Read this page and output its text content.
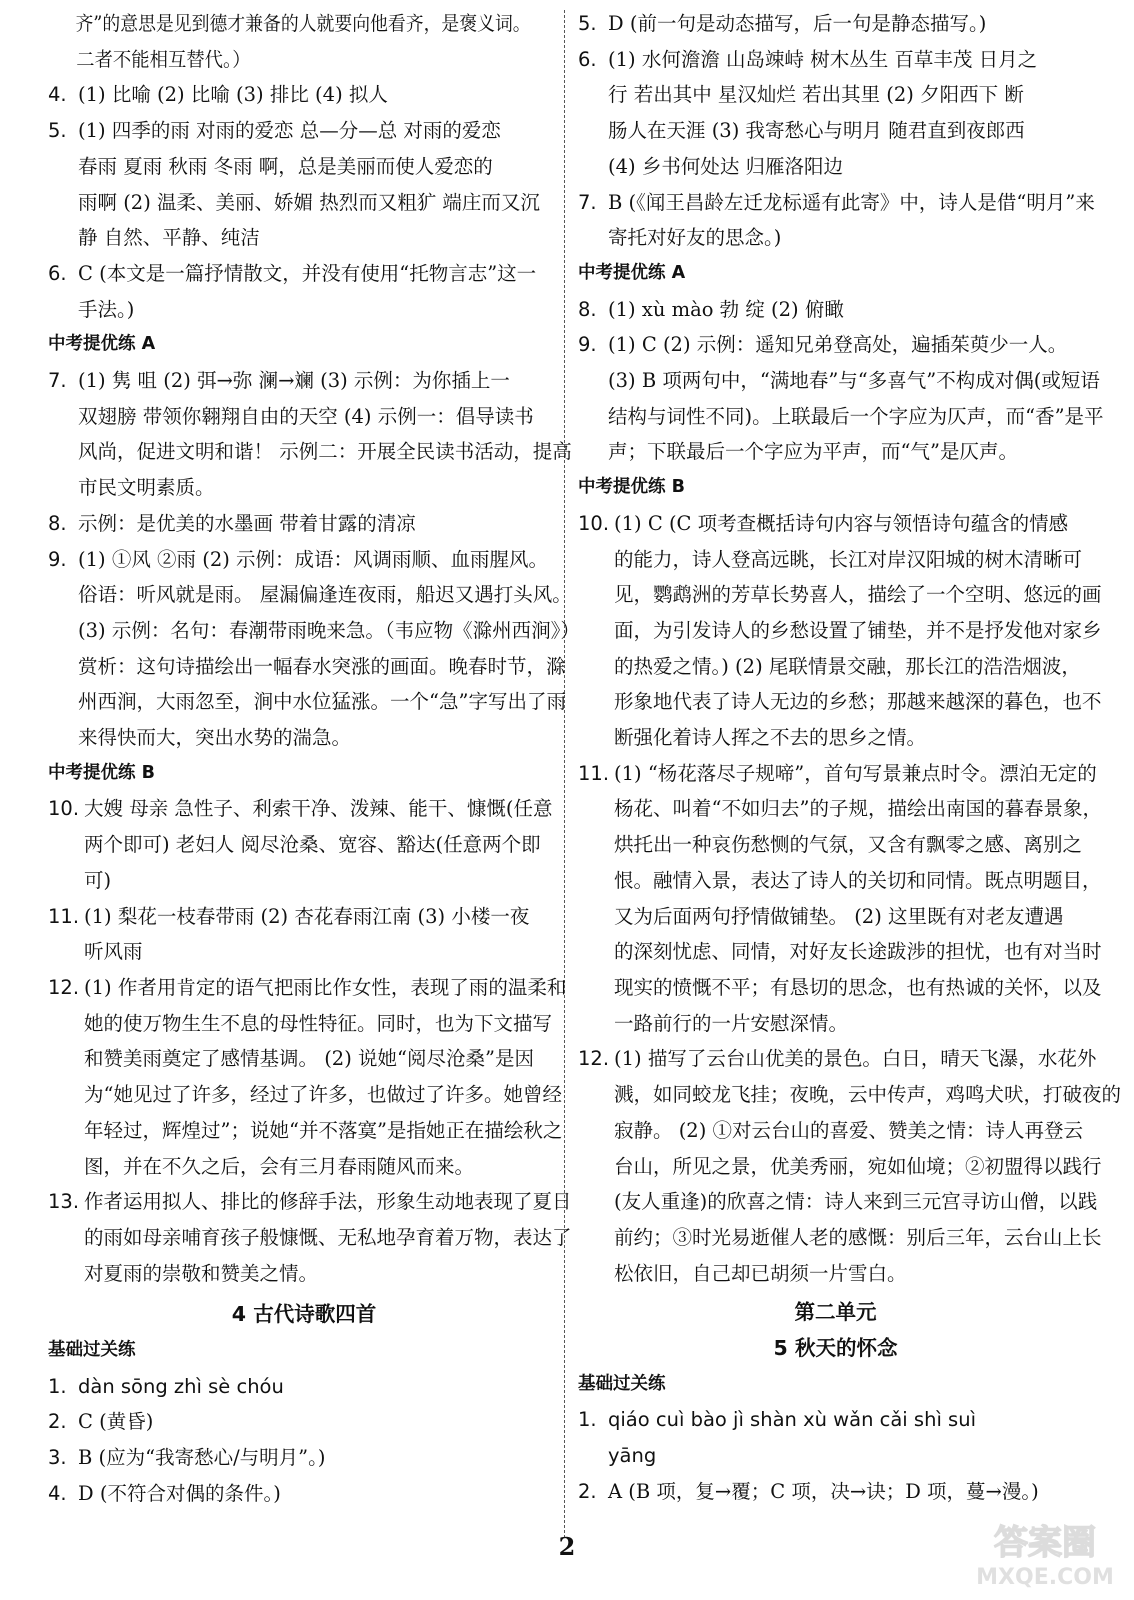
齐”的意思是见到德才兼备的人就要向他看齐，是褒义词。
二者不能相互替代。）
4. (1) 比喻 (2) 比喻 (3) 排比 (4) 拟人
5. (1) 四季的雨 对雨的爱恋 总—分—总 对雨的爱恋
春雨 夏雨 秋雨 冬雨 啊，总是美丽而使人爱恋的
雨啊 (2) 温柔、美丽、娇媚 热烈而又粗犷 端庄而又沉
静 自然、平静、纯洁
6. C (本文是一篇抒情散文，并没有使用“托物言志”这一
手法。)
中考提优练 A
7. (1) 隽 咀 (2) 弭→弥 澜→斓 (3) 示例：为你插上一
双翅膀 带领你翱翔自由的天空 (4) 示例一：倡导读书
风尚，促进文明和谐！ 示例二：开展全民读书活动，提高
市民文明素质。
8. 示例：是优美的水墨画 带着甘露的清凉
9. (1) ①风 ②雨 (2) 示例：成语：风调雨顺、血雨腥风。
俗语：听风就是雨。 屋漏偏逢连夜雨，船迟又遇打头风。
(3) 示例：名句：春潮带雨晚来急。（韦应物《滁州西涧》）
赏析：这句诗描绘出一幅春水突涨的画面。晚春时节，滁
州西涧，大雨忽至，涧中水位猛涨。一个“急”字写出了雨
来得快而大，突出水势的湍急。
中考提优练 B
10. 大嫂 母亲 急性子、利索干净、泼辣、能干、慷慨(任意
两个即可) 老妇人 阅尽沧桑、宽容、豁达(任意两个即
可)
11. (1) 梨花一枝春带雨 (2) 杏花春雨江南 (3) 小楼一夜
听风雨
12. (1) 作者用肯定的语气把雨比作女性，表现了雨的温柔和
她的使万物生生不息的母性特征。同时，也为下文描写
和赞美雨奠定了感情基调。 (2) 说她“阅尽沧桑”是因
为“她见过了许多，经过了许多，也做过了许多。她曾经
年轻过，辉煌过”；说她“并不落寞”是指她正在描绘秋之
图，并在不久之后，会有三月春雨随风而来。
13. 作者运用拟人、排比的修辞手法，形象生动地表现了夏日
的雨如母亲哺育孩子般慷慨、无私地孕育着万物，表达了
对夏雨的崇敬和赞美之情。
4 古代诗歌四首
基础过关练
1. dàn sōng zhì sè chóu
2. C (黄昏)
3. B (应为“我寄愁心/与明月”。)
4. D (不符合对偶的条件。)
5. D (前一句是动态描写，后一句是静态描写。)
6. (1) 水何澹澹 山岛竦峙 树木丛生 百草丰茂 日月之
行 若出其中 星汉灿烂 若出其里 (2) 夕阳西下 断
肠人在天涯 (3) 我寄愁心与明月 随君直到夜郎西
(4) 乡书何处达 归雁洛阳边
7. B (《闻王昌龄左迁龙标遥有此寄》中，诗人是借“明月”来
寄托对好友的思念。)
中考提优练 A
8. (1) xù mào 勃 绽 (2) 俯瞰
9. (1) C (2) 示例：遥知兄弟登高处，遍插茱萸少一人。
(3) B 项两句中，“满地春”与“多喜气”不构成对偶(或短语
结构与词性不同)。上联最后一个字应为仄声，而“香”是平
声；下联最后一个字应为平声，而“气”是仄声。
中考提优练 B
10. (1) C (C 项考查概括诗句内容与领悟诗句蕴含的情感
的能力，诗人登高远眺，长江对岸汉阳城的树木清晰可
见，鹦鹉洲的芳草长势喜人，描绘了一个空明、悠远的画
面，为引发诗人的乡愁设置了铺垫，并不是抒发他对家乡
的热爱之情。) (2) 尾联情景交融，那长江的浩浩烟波，
形象地代表了诗人无边的乡愁；那越来越深的暮色，也不
断强化着诗人挥之不去的思乡之情。
11. (1) “杨花落尽子规啼”，首句写景兼点时令。漂泊无定的
杨花、叫着“不如归去”的子规，描绘出南国的暮春景象，
烘托出一种哀伤愁恻的气氛，又含有飘零之感、离别之
恨。融情入景，表达了诗人的关切和同情。既点明题目，
又为后面两句抒情做铺垫。 (2) 这里既有对老友遭遇
的深刻忧虑、同情，对好友长途跋涉的担忧，也有对当时
现实的愤慨不平；有恳切的思念，也有热诚的关怀，以及
一路前行的一片安慰深情。
12. (1) 描写了云台山优美的景色。白日，晴天飞瀑，水花外
溅，如同蛟龙飞挂；夜晚，云中传声，鸡鸣犬吠，打破夜的
寂静。 (2) ①对云台山的喜爱、赞美之情：诗人再登云
台山，所见之景，优美秀丽，宛如仙境；②初盟得以践行
(友人重逢)的欣喜之情：诗人来到三元宫寻访山僧，以践
前约；③时光易逝催人老的感慨：别后三年，云台山上长
松依旧，自己却已胡须一片雪白。
第二单元
5 秋天的怀念
基础过关练
1. qiáo cuì bào jì shàn xù wǎn cǎi shì suì
yāng
2. A (B 项，复→覆；C 项，决→诀；D 项，蔓→漫。)
2	答案圈
MXQE.COM
